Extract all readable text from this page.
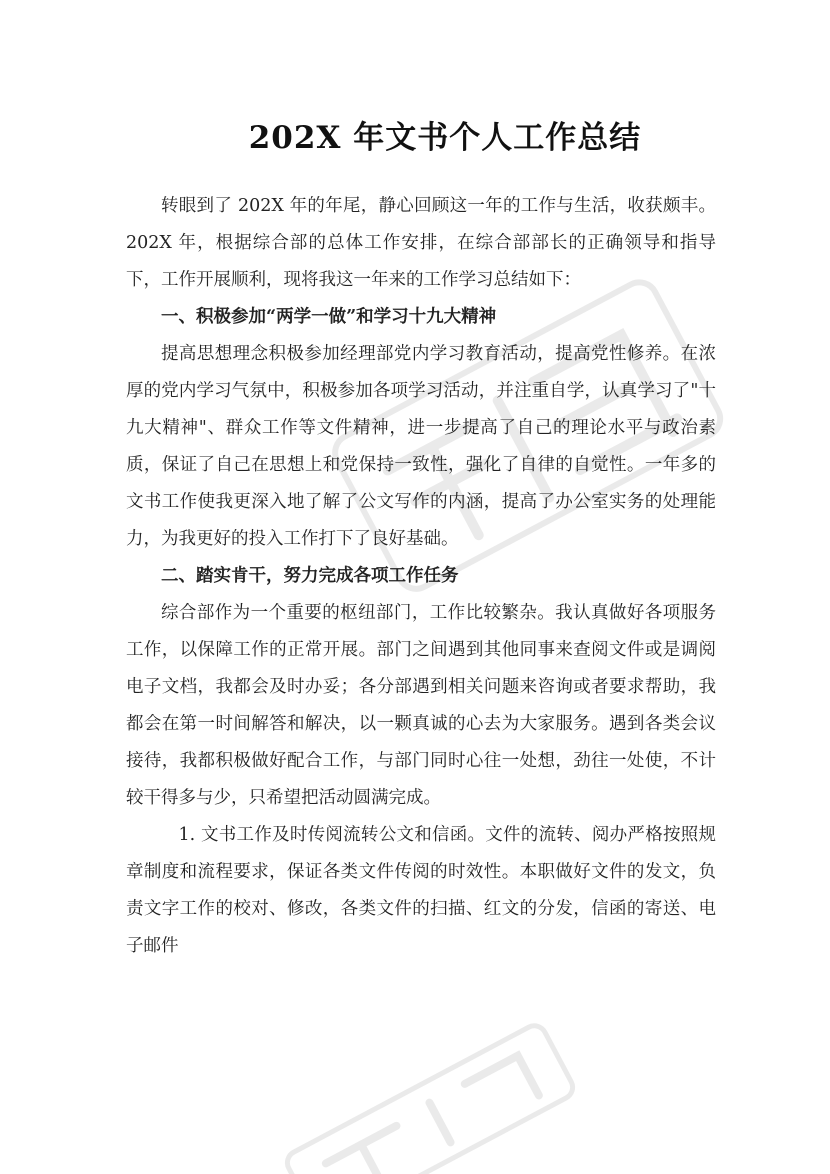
202X 年文书个人工作总结

转眼到了 202X 年的年尾，静心回顾这一年的工作与生活，收获颇丰。202X 年，根据综合部的总体工作安排，在综合部部长的正确领导和指导下，工作开展顺利，现将我这一年来的工作学习总结如下：

一、积极参加“两学一做”和学习十九大精神

提高思想理念积极参加经理部党内学习教育活动，提高党性修养。在浓厚的党内学习气氛中，积极参加各项学习活动，并注重自学，认真学习了"十九大精神"、群众工作等文件精神，进一步提高了自己的理论水平与政治素质，保证了自己在思想上和党保持一致性，强化了自律的自觉性。一年多的文书工作使我更深入地了解了公文写作的内涵，提高了办公室实务的处理能力，为我更好的投入工作打下了良好基础。

二、踏实肯干，努力完成各项工作任务

综合部作为一个重要的枢纽部门，工作比较繁杂。我认真做好各项服务工作，以保障工作的正常开展。部门之间遇到其他同事来查阅文件或是调阅电子文档，我都会及时办妥；各分部遇到相关问题来咨询或者要求帮助，我都会在第一时间解答和解决，以一颗真诚的心去为大家服务。遇到各类会议接待，我都积极做好配合工作，与部门同时心往一处想，劲往一处使，不计较干得多与少，只希望把活动圆满完成。

1. 文书工作及时传阅流转公文和信函。文件的流转、阅办严格按照规章制度和流程要求，保证各类文件传阅的时效性。本职做好文件的发文，负责文字工作的校对、修改，各类文件的扫描、红文的分发，信函的寄送、电子邮件
